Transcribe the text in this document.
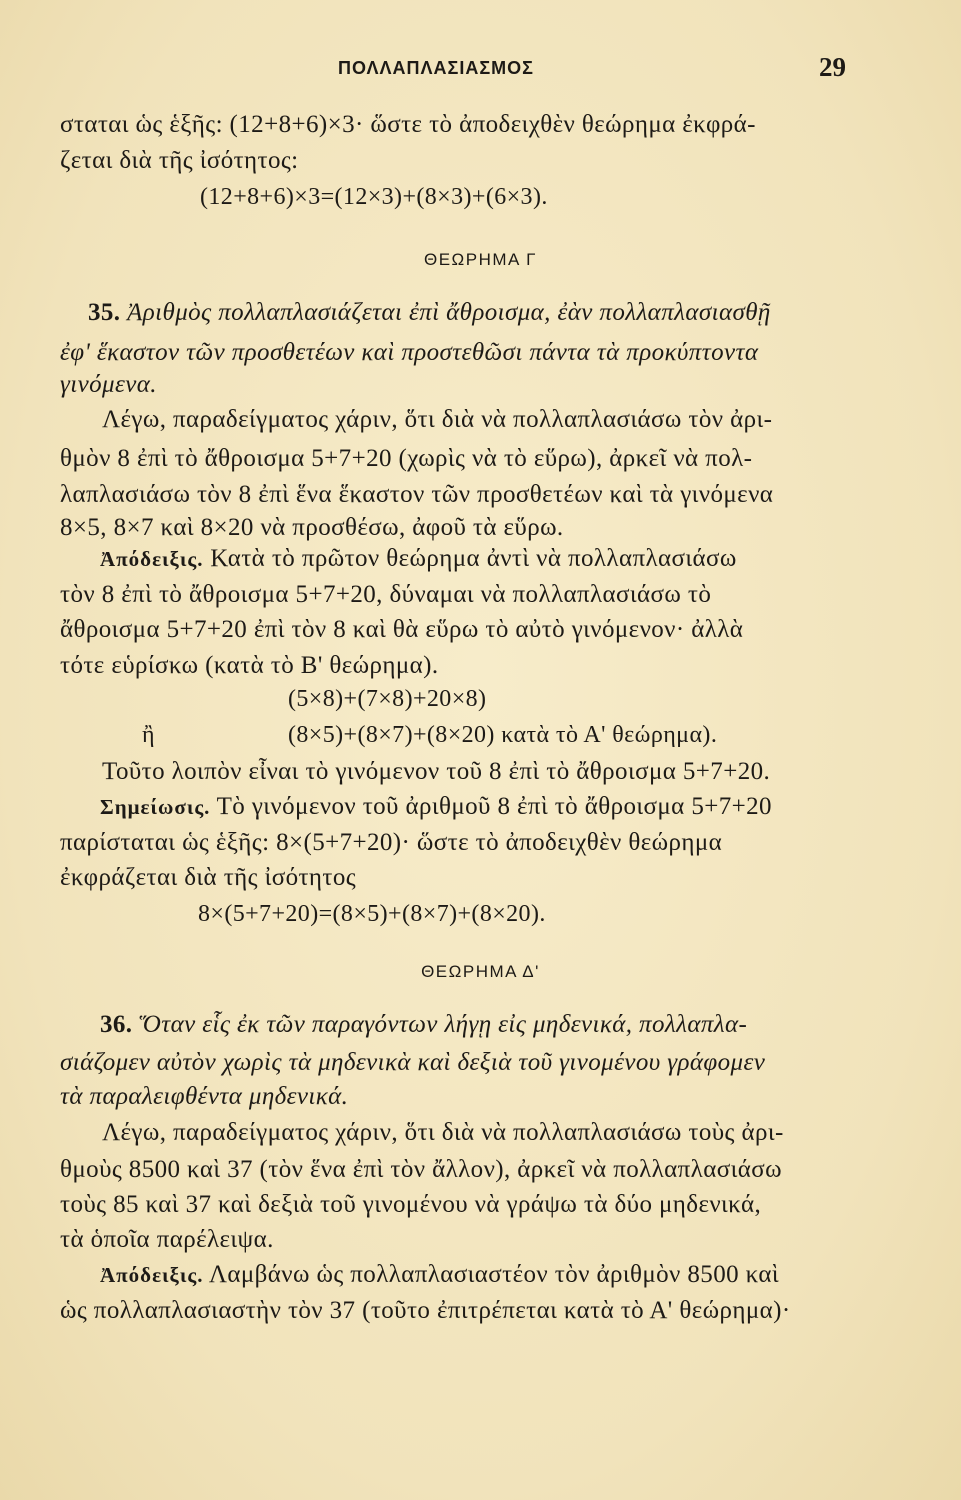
ΠΟΛΛΑΠΛΑΣΙΑΣΜΟΣ	29
σταται ὡς ἑξῆς: (12+8+6)×3· ὥστε τὸ ἀποδειχθὲν θεώρημα ἐκφρά-
ζεται διὰ τῆς ἰσότητος:
(12+8+6)×3=(12×3)+(8×3)+(6×3).
ΘΕΩΡΗΜΑ Γ
35. Ἀριθμὸς πολλαπλασιάζεται ἐπὶ ἄθροισμα, ἐὰν πολλαπλασιασθῇ
ἐφ' ἕκαστον τῶν προσθετέων καὶ προστεθῶσι πάντα τὰ προκύπτοντα
γινόμενα.
Λέγω, παραδείγματος χάριν, ὅτι διὰ νὰ πολλαπλασιάσω τὸν ἀρι-
θμὸν 8 ἐπὶ τὸ ἄθροισμα 5+7+20 (χωρὶς νὰ τὸ εὕρω), ἀρκεῖ νὰ πολ-
λαπλασιάσω τὸν 8 ἐπὶ ἕνα ἕκαστον τῶν προσθετέων καὶ τὰ γινόμενα
8×5, 8×7 καὶ 8×20 νὰ προσθέσω, ἀφοῦ τὰ εὕρω.
Ἀπόδειξις. Κατὰ τὸ πρῶτον θεώρημα ἀντὶ νὰ πολλαπλασιάσω
τὸν 8 ἐπὶ τὸ ἄθροισμα 5+7+20, δύναμαι νὰ πολλαπλασιάσω τὸ
ἄθροισμα 5+7+20 ἐπὶ τὸν 8 καὶ θὰ εὕρω τὸ αὐτὸ γινόμενον· ἀλλὰ
τότε εὑρίσκω (κατὰ τὸ Β' θεώρημα).
(5×8)+(7×8)+20×8)
ἢ	(8×5)+(8×7)+(8×20) κατὰ τὸ Α' θεώρημα).
Τοῦτο λοιπὸν εἶναι τὸ γινόμενον τοῦ 8 ἐπὶ τὸ ἄθροισμα 5+7+20.
Σημείωσις. Τὸ γινόμενον τοῦ ἀριθμοῦ 8 ἐπὶ τὸ ἄθροισμα 5+7+20
παρίσταται ὡς ἑξῆς: 8×(5+7+20)· ὥστε τὸ ἀποδειχθὲν θεώρημα
ἐκφράζεται διὰ τῆς ἰσότητος
8×(5+7+20)=(8×5)+(8×7)+(8×20).
ΘΕΩΡΗΜΑ Δ'
36. Ὅταν εἷς ἐκ τῶν παραγόντων λήγῃ εἰς μηδενικά, πολλαπλα-
σιάζομεν αὐτὸν χωρὶς τὰ μηδενικὰ καὶ δεξιὰ τοῦ γινομένου γράφομεν
τὰ παραλειφθέντα μηδενικά.
Λέγω, παραδείγματος χάριν, ὅτι διὰ νὰ πολλαπλασιάσω τοὺς ἀρι-
θμοὺς 8500 καὶ 37 (τὸν ἕνα ἐπὶ τὸν ἄλλον), ἀρκεῖ νὰ πολλαπλασιάσω
τοὺς 85 καὶ 37 καὶ δεξιὰ τοῦ γινομένου νὰ γράψω τὰ δύο μηδενικά,
τὰ ὁποῖα παρέλειψα.
Ἀπόδειξις. Λαμβάνω ὡς πολλαπλασιαστέον τὸν ἀριθμὸν 8500 καὶ
ὡς πολλαπλασιαστὴν τὸν 37 (τοῦτο ἐπιτρέπεται κατὰ τὸ Α' θεώρημα)·
